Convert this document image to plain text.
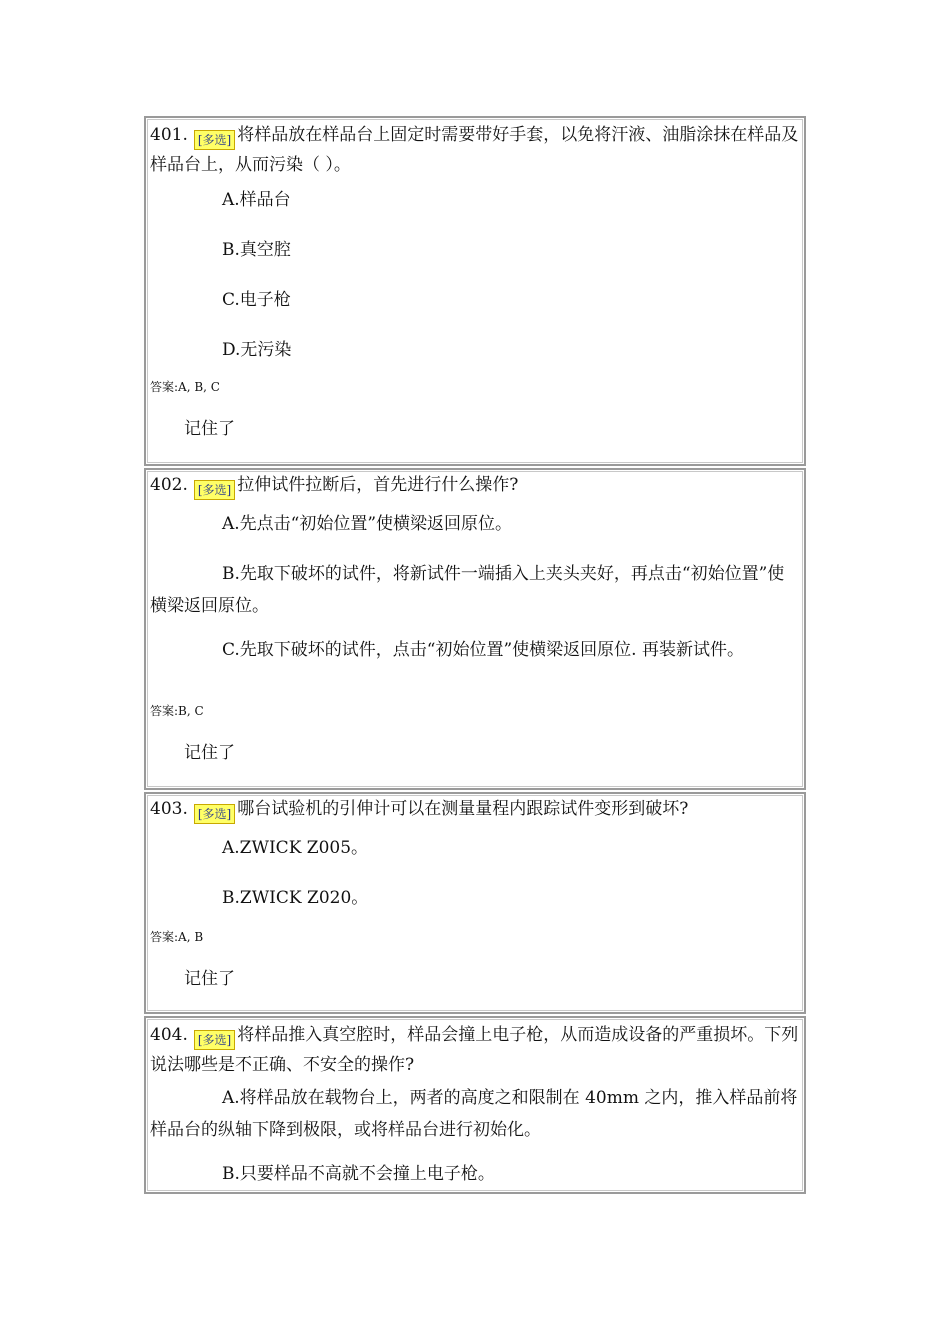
401. [多选] 将样品放在样品台上固定时需要带好手套，以免将汗液、油脂涂抹在样品及样品台上，从而污染（ ）。
A.样品台
B.真空腔
C.电子枪
D.无污染
答案:A, B, C
记住了
402. [多选] 拉伸试件拉断后，首先进行什么操作?
A.先点击“初始位置”使横梁返回原位。
B.先取下破坏的试件，将新试件一端插入上夹头夹好，再点击“初始位置”使横梁返回原位。
C.先取下破坏的试件，点击“初始位置”使横梁返回原位. 再装新试件。
答案:B, C
记住了
403. [多选] 哪台试验机的引伸计可以在测量量程内跟踪试件变形到破坏?
A.ZWICK Z005。
B.ZWICK Z020。
答案:A, B
记住了
404. [多选] 将样品推入真空腔时，样品会撞上电子枪，从而造成设备的严重损坏。下列说法哪些是不正确、不安全的操作?
A.将样品放在载物台上，两者的高度之和限制在 40mm 之内，推入样品前将样品台的纵轴下降到极限，或将样品台进行初始化。
B.只要样品不高就不会撞上电子枪。
